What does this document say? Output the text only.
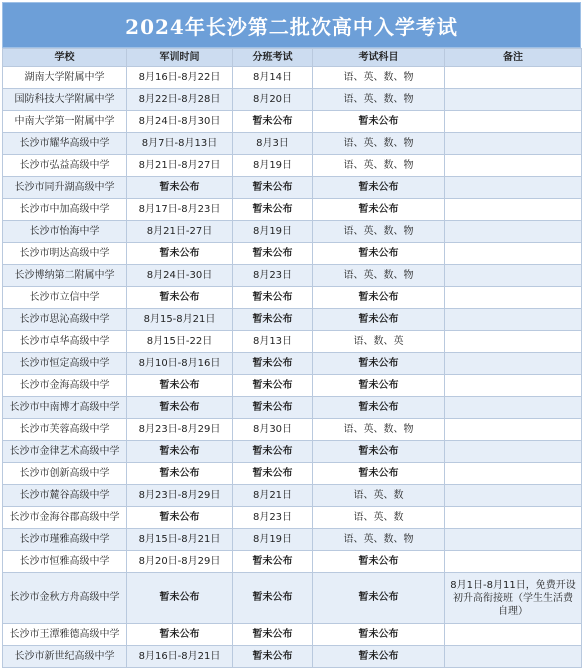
2024年长沙第二批次高中入学考试
学校	军训时间	分班考试	考试科目	备注
湖南大学附属中学	8月16日-8月22日	8月14日	语、英、数、物	
国防科技大学附属中学	8月22日-8月28日	8月20日	语、英、数、物	
中南大学第一附属中学	8月24日-8月30日	暂未公布	暂未公布	
长沙市耀华高级中学	8月7日-8月13日	8月3日	语、英、数、物	
长沙市弘益高级中学	8月21日-8月27日	8月19日	语、英、数、物	
长沙市同升湖高级中学	暂未公布	暂未公布	暂未公布	
长沙市中加高级中学	8月17日-8月23日	暂未公布	暂未公布	
长沙市怡海中学	8月21日-27日	8月19日	语、英、数、物	
长沙市明达高级中学	暂未公布	暂未公布	暂未公布	
长沙博纳第二附属中学	8月24日-30日	8月23日	语、英、数、物	
长沙市立信中学	暂未公布	暂未公布	暂未公布	
长沙市思沁高级中学	8月15-8月21日	暂未公布	暂未公布	
长沙市卓华高级中学	8月15日-22日	8月13日	语、数、英	
长沙市恒定高级中学	8月10日-8月16日	暂未公布	暂未公布	
长沙市金海高级中学	暂未公布	暂未公布	暂未公布	
长沙市中南博才高级中学	暂未公布	暂未公布	暂未公布	
长沙市芙蓉高级中学	8月23日-8月29日	8月30日	语、英、数、物	
长沙市金律艺术高级中学	暂未公布	暂未公布	暂未公布	
长沙市创新高级中学	暂未公布	暂未公布	暂未公布	
长沙市麓谷高级中学	8月23日-8月29日	8月21日	语、英、数	
长沙市金海谷郡高级中学	暂未公布	8月23日	语、英、数	
长沙市瑾雅高级中学	8月15日-8月21日	8月19日	语、英、数、物	
长沙市恒雅高级中学	8月20日-8月29日	暂未公布	暂未公布	
长沙市金秋方舟高级中学	暂未公布	暂未公布	暂未公布	8月1日-8月11日，免费开设初升高衔接班（学生生活费自理）
长沙市王潭雅德高级中学	暂未公布	暂未公布	暂未公布	
长沙市新世纪高级中学	8月16日-8月21日	暂未公布	暂未公布	
